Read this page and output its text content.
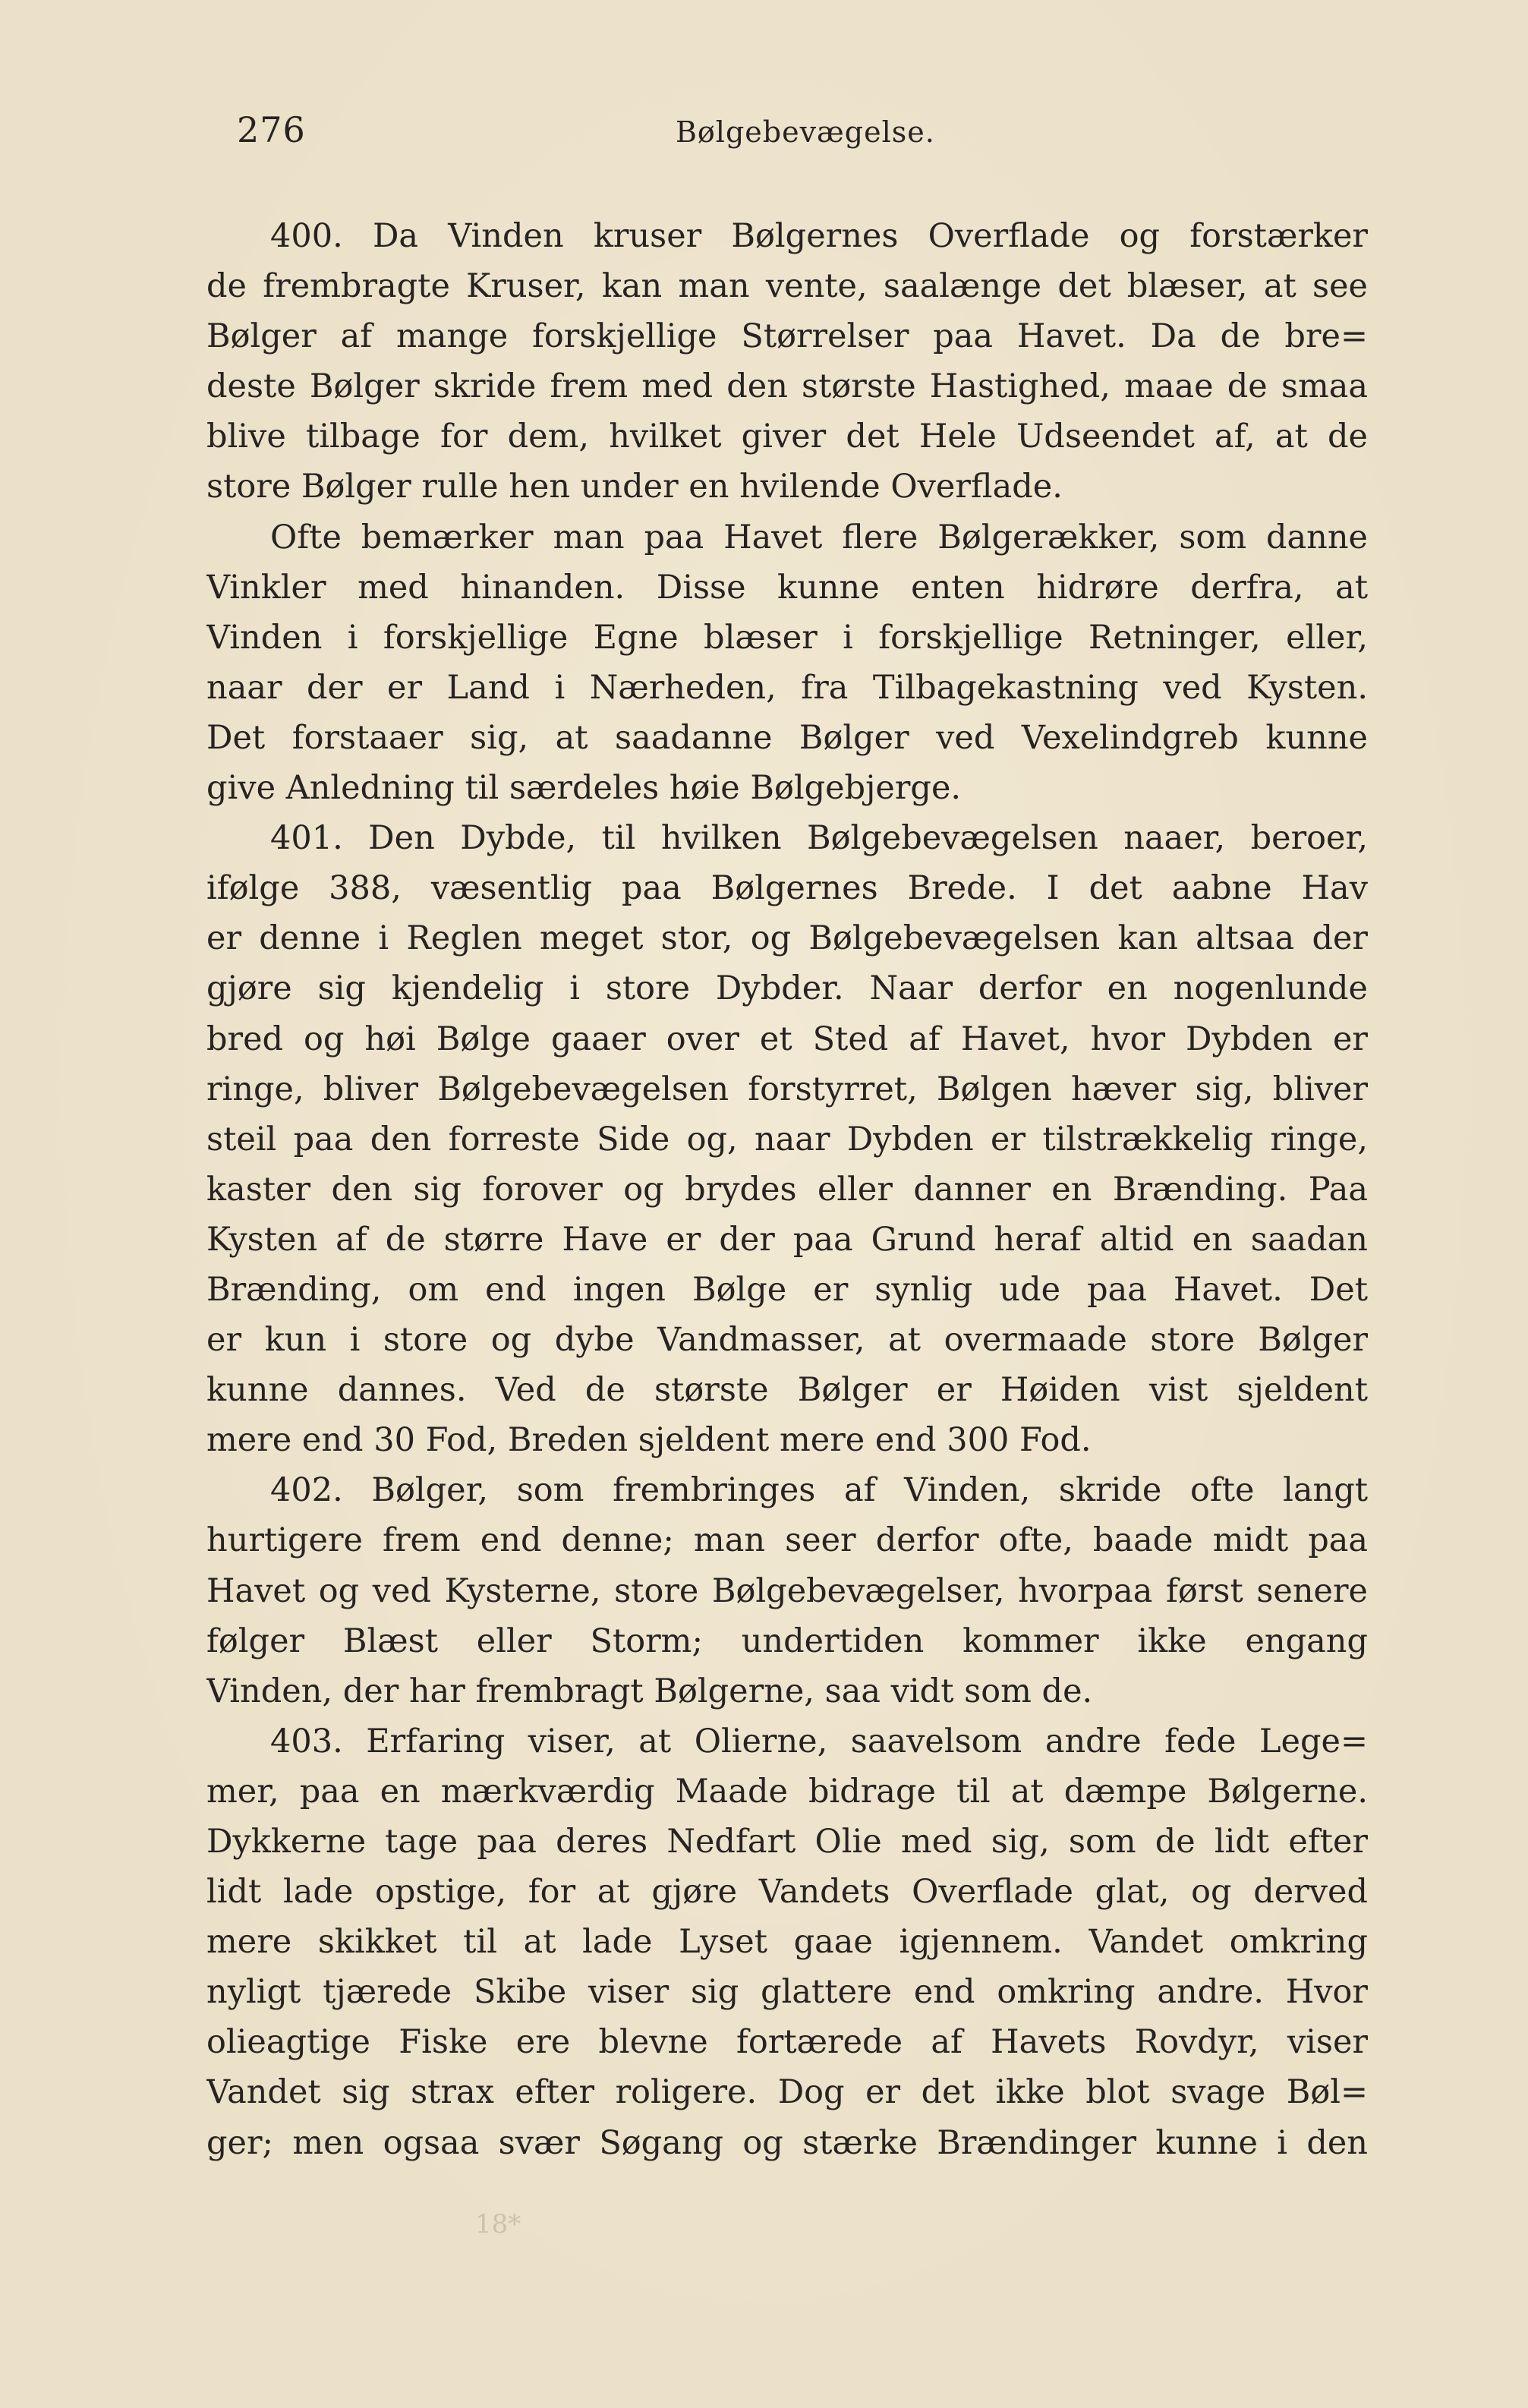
276	Bølgebevægelse.
400. Da Vinden kruser Bølgernes Overflade og forstærker
de frembragte Kruser, kan man vente, saalænge det blæser, at see
Bølger af mange forskjellige Størrelser paa Havet. Da de bre=
deste Bølger skride frem med den største Hastighed, maae de smaa
blive tilbage for dem, hvilket giver det Hele Udseendet af, at de
store Bølger rulle hen under en hvilende Overflade.
Ofte bemærker man paa Havet flere Bølgerækker, som danne
Vinkler med hinanden. Disse kunne enten hidrøre derfra, at
Vinden i forskjellige Egne blæser i forskjellige Retninger, eller,
naar der er Land i Nærheden, fra Tilbagekastning ved Kysten.
Det forstaaer sig, at saadanne Bølger ved Vexelindgreb kunne
give Anledning til særdeles høie Bølgebjerge.
401. Den Dybde, til hvilken Bølgebevægelsen naaer, beroer,
ifølge 388, væsentlig paa Bølgernes Brede. I det aabne Hav
er denne i Reglen meget stor, og Bølgebevægelsen kan altsaa der
gjøre sig kjendelig i store Dybder. Naar derfor en nogenlunde
bred og høi Bølge gaaer over et Sted af Havet, hvor Dybden er
ringe, bliver Bølgebevægelsen forstyrret, Bølgen hæver sig, bliver
steil paa den forreste Side og, naar Dybden er tilstrækkelig ringe,
kaster den sig forover og brydes eller danner en Brænding. Paa
Kysten af de større Have er der paa Grund heraf altid en saadan
Brænding, om end ingen Bølge er synlig ude paa Havet. Det
er kun i store og dybe Vandmasser, at overmaade store Bølger
kunne dannes. Ved de største Bølger er Høiden vist sjeldent
mere end 30 Fod, Breden sjeldent mere end 300 Fod.
402. Bølger, som frembringes af Vinden, skride ofte langt
hurtigere frem end denne; man seer derfor ofte, baade midt paa
Havet og ved Kysterne, store Bølgebevægelser, hvorpaa først senere
følger Blæst eller Storm; undertiden kommer ikke engang
Vinden, der har frembragt Bølgerne, saa vidt som de.
403. Erfaring viser, at Olierne, saavelsom andre fede Lege=
mer, paa en mærkværdig Maade bidrage til at dæmpe Bølgerne.
Dykkerne tage paa deres Nedfart Olie med sig, som de lidt efter
lidt lade opstige, for at gjøre Vandets Overflade glat, og derved
mere skikket til at lade Lyset gaae igjennem. Vandet omkring
nyligt tjærede Skibe viser sig glattere end omkring andre. Hvor
olieagtige Fiske ere blevne fortærede af Havets Rovdyr, viser
Vandet sig strax efter roligere. Dog er det ikke blot svage Bøl=
ger; men ogsaa svær Søgang og stærke Brændinger kunne i den
18*
